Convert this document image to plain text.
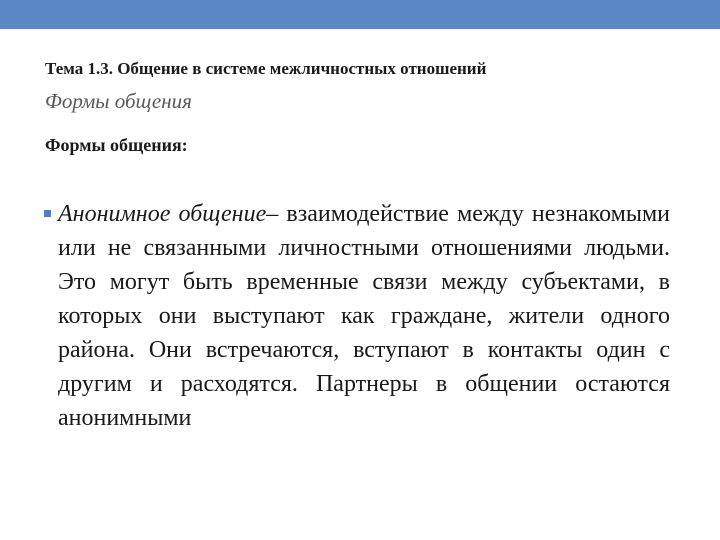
Тема 1.3. Общение в системе межличностных отношений
Формы общения
Формы общения:
Анонимное общение– взаимодействие между незнакомыми или не связанными личностными отношениями людьми. Это могут быть временные связи между субъектами, в которых они выступают как граждане, жители одного района. Они встречаются, вступают в контакты один с другим и расходятся. Партнеры в общении остаются анонимными
